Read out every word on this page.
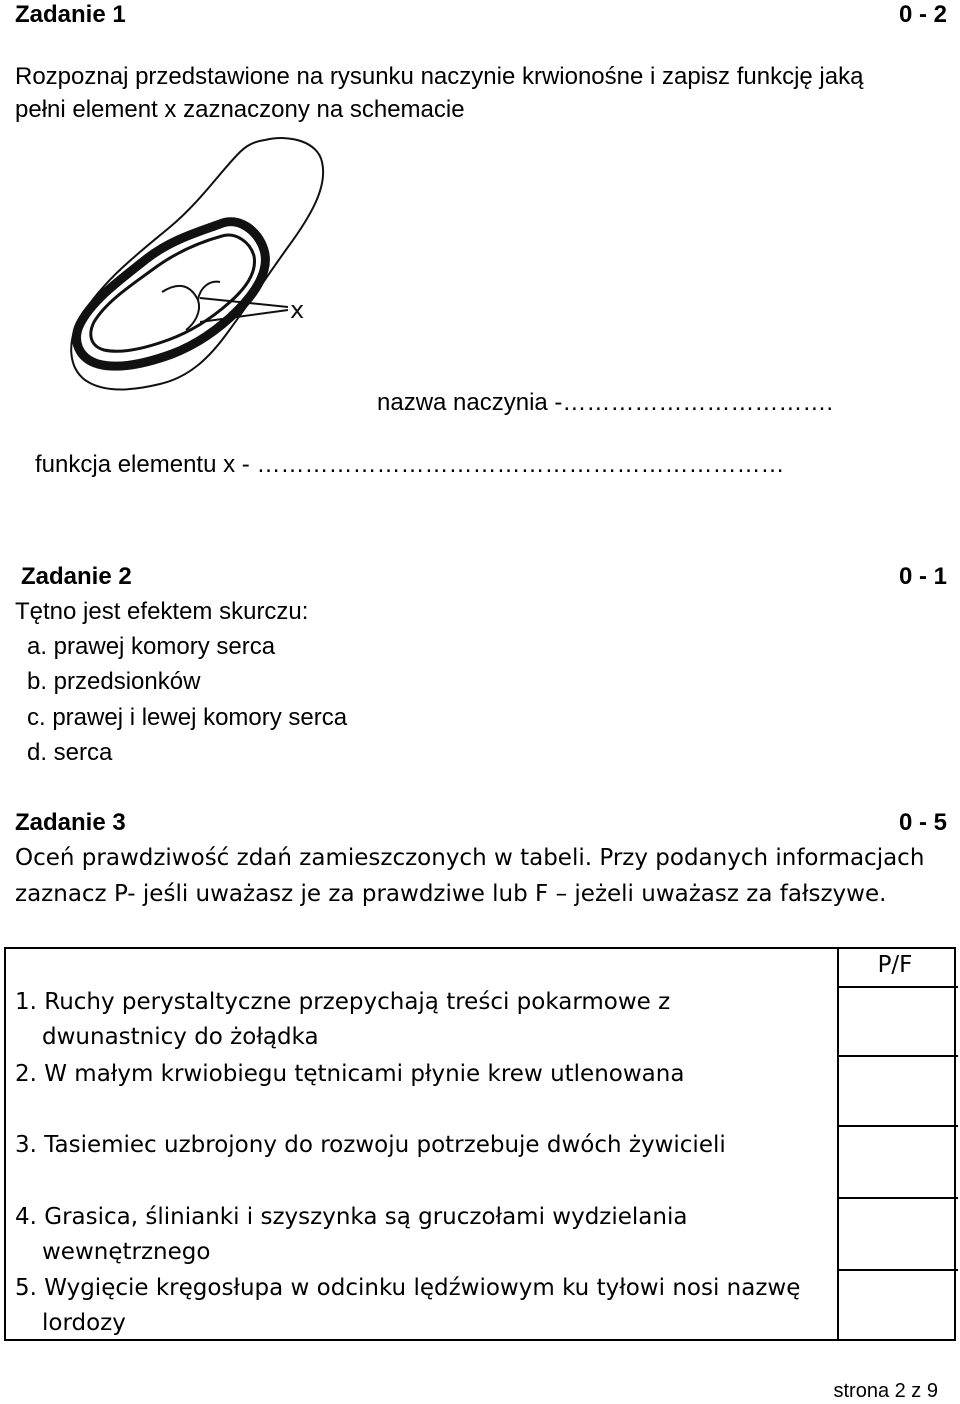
Zadanie 1	0 - 2
Rozpoznaj przedstawione na rysunku naczynie krwionośne i zapisz funkcję jaką
pełni element x zaznaczony na schemacie
x
nazwa naczynia -…………………………….
funkcja elementu x - …………………………………………………………
Zadanie 2	0 - 1
Tętno jest efektem skurczu:
a. prawej komory serca
b. przedsionków
c. prawej i lewej komory serca
d. serca
Zadanie 3	0 - 5
Oceń prawdziwość zdań zamieszczonych w tabeli. Przy podanych informacjach
zaznacz P- jeśli uważasz je za prawdziwe lub F – jeżeli uważasz za fałszywe.
P/F
1. Ruchy perystaltyczne przepychają treści pokarmowe z
dwunastnicy do żołądka
2. W małym krwiobiegu tętnicami płynie krew utlenowana
3. Tasiemiec uzbrojony do rozwoju potrzebuje dwóch żywicieli
4. Grasica, ślinianki i szyszynka są gruczołami wydzielania
wewnętrznego
5. Wygięcie kręgosłupa w odcinku lędźwiowym ku tyłowi nosi nazwę
lordozy
strona 2 z 9
